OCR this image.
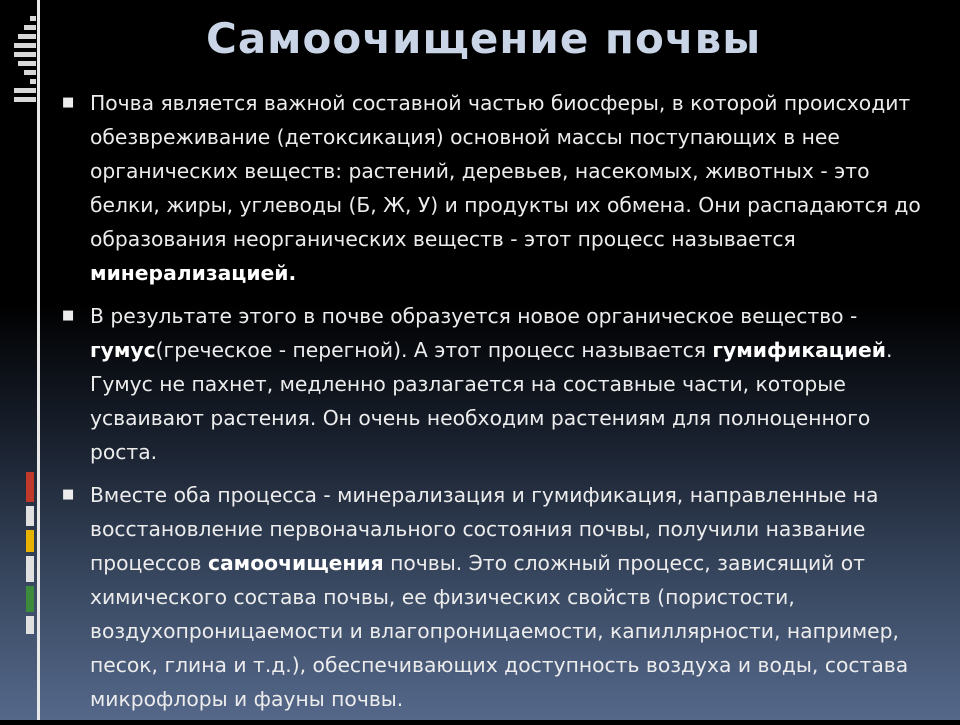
Самоочищение почвы
■ Почва является важной составной частью биосферы, в которой происходит обезвреживание (детоксикация) основной массы поступающих в нее органических веществ: растений, деревьев, насекомых, животных - это белки, жиры, углеводы (Б, Ж, У) и продукты их обмена. Они распадаются до образования неорганических веществ - этот процесс называется минерализацией.
■ В результате этого в почве образуется новое органическое вещество - гумус(греческое - перегной). А этот процесс называется гумификацией. Гумус не пахнет, медленно разлагается на составные части, которые усваивают растения. Он очень необходим растениям для полноценного роста.
■ Вместе оба процесса - минерализация и гумификация, направленные на восстановление первоначального состояния почвы, получили название процессов самоочищения почвы. Это сложный процесс, зависящий от химического состава почвы, ее физических свойств (пористости, воздухопроницаемости и влагопроницаемости, капиллярности, например, песок, глина и т.д.), обеспечивающих доступность воздуха и воды, состава микрофлоры и фауны почвы.
